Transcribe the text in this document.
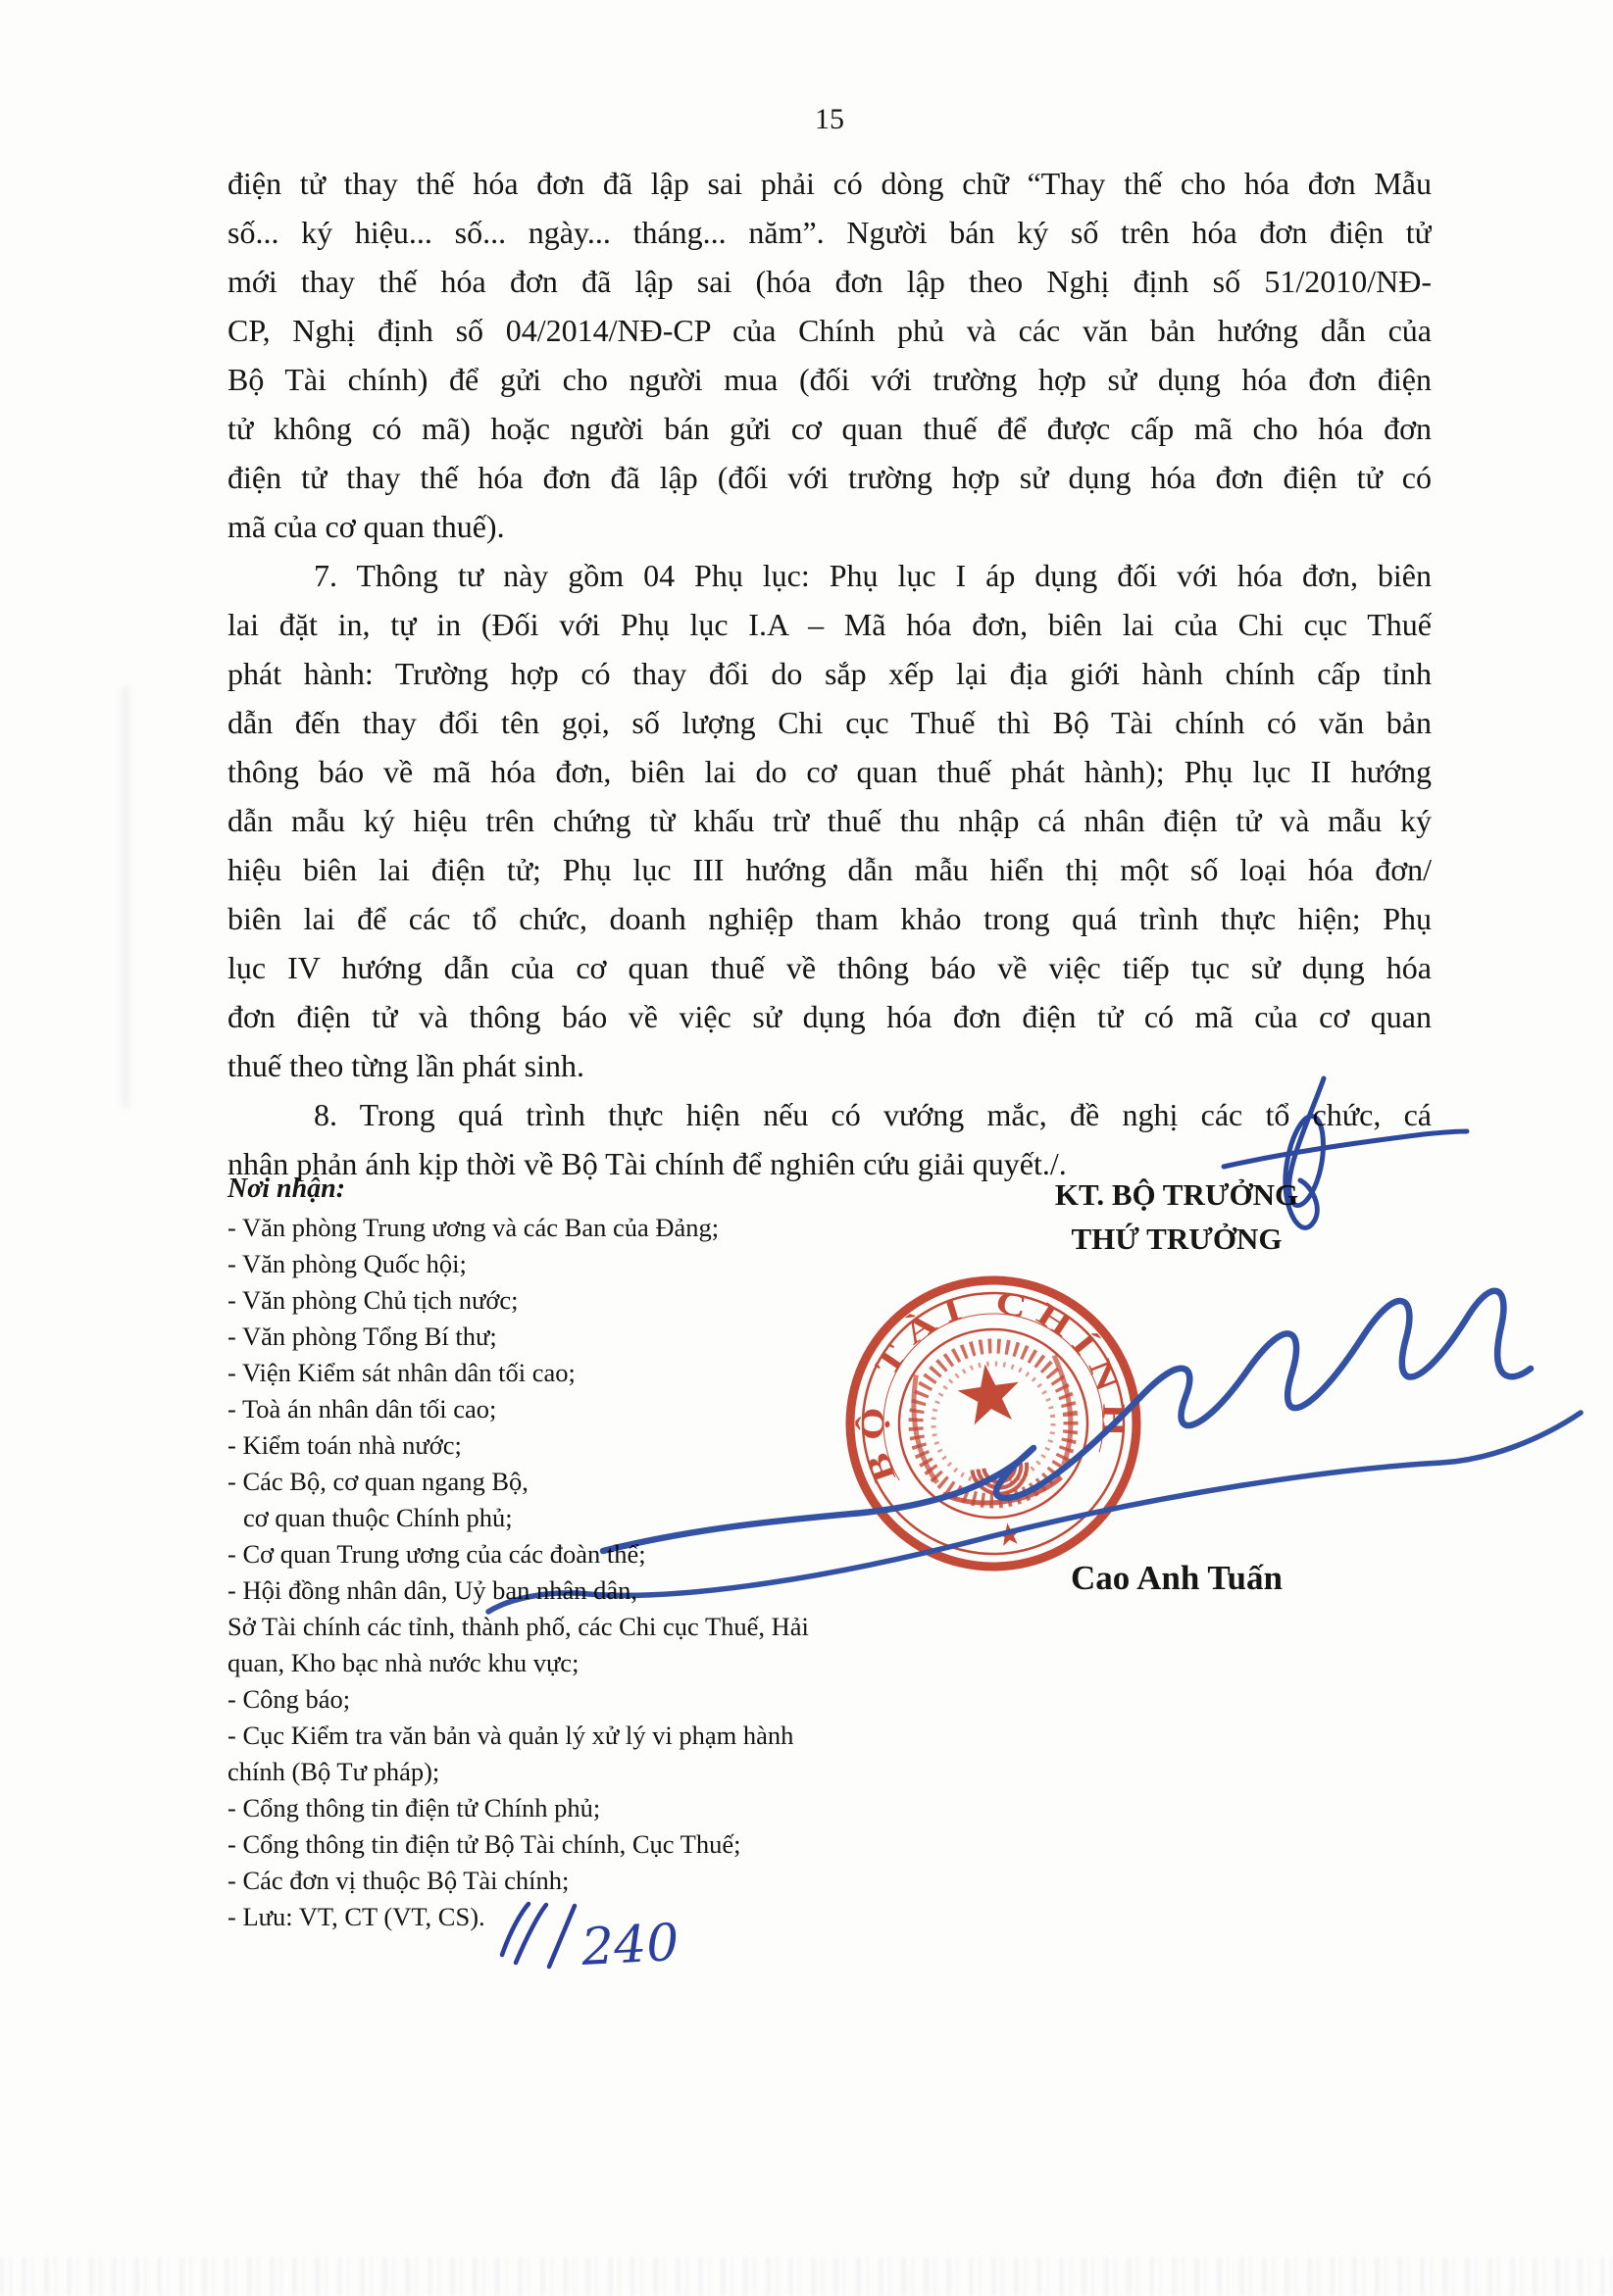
15
điện tử thay thế hóa đơn đã lập sai phải có dòng chữ “Thay thế cho hóa đơn Mẫu
số... ký hiệu... số... ngày... tháng... năm”. Người bán ký số trên hóa đơn điện tử
mới thay thế hóa đơn đã lập sai (hóa đơn lập theo Nghị định số 51/2010/NĐ-
CP, Nghị định số 04/2014/NĐ-CP của Chính phủ và các văn bản hướng dẫn của
Bộ Tài chính) để gửi cho người mua (đối với trường hợp sử dụng hóa đơn điện
tử không có mã) hoặc người bán gửi cơ quan thuế để được cấp mã cho hóa đơn
điện tử thay thế hóa đơn đã lập (đối với trường hợp sử dụng hóa đơn điện tử có
mã của cơ quan thuế).
7. Thông tư này gồm 04 Phụ lục: Phụ lục I áp dụng đối với hóa đơn, biên
lai đặt in, tự in (Đối với Phụ lục I.A – Mã hóa đơn, biên lai của Chi cục Thuế
phát hành: Trường hợp có thay đổi do sắp xếp lại địa giới hành chính cấp tỉnh
dẫn đến thay đổi tên gọi, số lượng Chi cục Thuế thì Bộ Tài chính có văn bản
thông báo về mã hóa đơn, biên lai do cơ quan thuế phát hành); Phụ lục II hướng
dẫn mẫu ký hiệu trên chứng từ khấu trừ thuế thu nhập cá nhân điện tử và mẫu ký
hiệu biên lai điện tử; Phụ lục III hướng dẫn mẫu hiển thị một số loại hóa đơn/
biên lai để các tổ chức, doanh nghiệp tham khảo trong quá trình thực hiện; Phụ
lục IV hướng dẫn của cơ quan thuế về thông báo về việc tiếp tục sử dụng hóa
đơn điện tử và thông báo về việc sử dụng hóa đơn điện tử có mã của cơ quan
thuế theo từng lần phát sinh.
8. Trong quá trình thực hiện nếu có vướng mắc, đề nghị các tổ chức, cá
nhân phản ánh kịp thời về Bộ Tài chính để nghiên cứu giải quyết./.
Nơi nhận:
- Văn phòng Trung ương và các Ban của Đảng;
- Văn phòng Quốc hội;
- Văn phòng Chủ tịch nước;
- Văn phòng Tổng Bí thư;
- Viện Kiểm sát nhân dân tối cao;
- Toà án nhân dân tối cao;
- Kiểm toán nhà nước;
- Các Bộ, cơ quan ngang Bộ,
cơ quan thuộc Chính phủ;
- Cơ quan Trung ương của các đoàn thể;
- Hội đồng nhân dân, Uỷ ban nhân dân,
Sở Tài chính các tỉnh, thành phố, các Chi cục Thuế, Hải
quan, Kho bạc nhà nước khu vực;
- Công báo;
- Cục Kiểm tra văn bản và quản lý xử lý vi phạm hành
chính (Bộ Tư pháp);
- Cổng thông tin điện tử Chính phủ;
- Cổng thông tin điện tử Bộ Tài chính, Cục Thuế;
- Các đơn vị thuộc Bộ Tài chính;
- Lưu: VT, CT (VT, CS).
KT. BỘ TRƯỞNG
THỨ TRƯỞNG
Cao Anh Tuấn
BỘ TÀI CHÍNH
240
